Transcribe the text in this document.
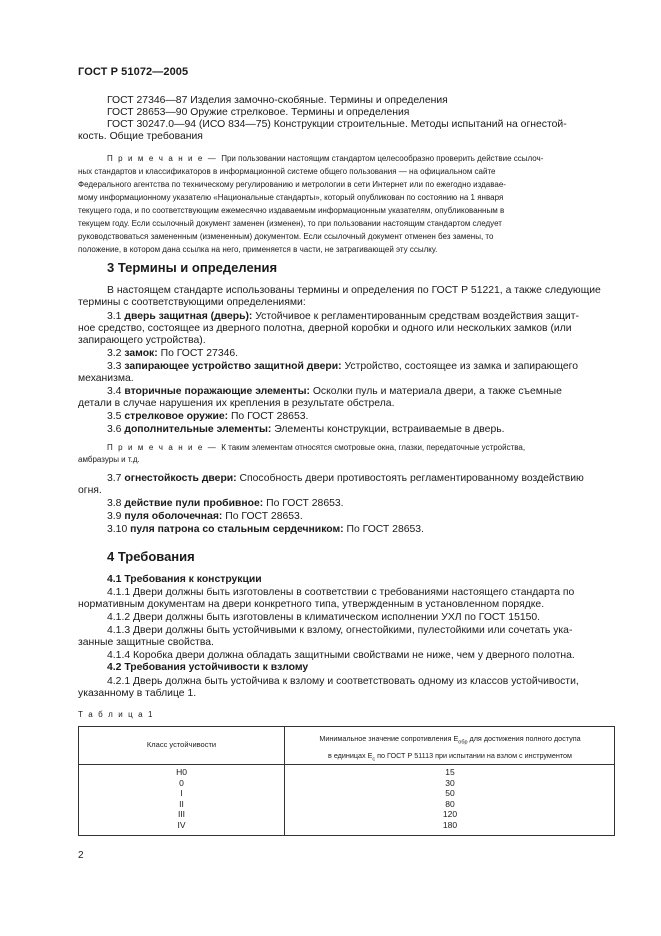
ГОСТ Р 51072—2005
ГОСТ 27346—87 Изделия замочно-скобяные. Термины и определения
ГОСТ 28653—90 Оружие стрелковое. Термины и определения
ГОСТ 30247.0—94 (ИСО 834—75) Конструкции строительные. Методы испытаний на огнестой-
кость. Общие требования
П р и м е ч а н и е — При пользовании настоящим стандартом целесообразно проверить действие ссылоч-
ных стандартов и классификаторов в информационной системе общего пользования — на официальном сайте
Федерального агентства по техническому регулированию и метрологии в сети Интернет или по ежегодно издавае-
мому информационному указателю «Национальные стандарты», который опубликован по состоянию на 1 января
текущего года, и по соответствующим ежемесячно издаваемым информационным указателям, опубликованным в
текущем году. Если ссылочный документ заменен (изменен), то при пользовании настоящим стандартом следует
руководствоваться замененным (измененным) документом. Если ссылочный документ отменен без замены, то
положение, в котором дана ссылка на него, применяется в части, не затрагивающей эту ссылку.
3 Термины и определения
В настоящем стандарте использованы термины и определения по ГОСТ Р 51221, а также следующие
термины с соответствующими определениями:
3.1 дверь защитная (дверь): Устойчивое к регламентированным средствам воздействия защит-
ное средство, состоящее из дверного полотна, дверной коробки и одного или нескольких замков (или
запирающего устройства).
3.2 замок: По ГОСТ 27346.
3.3 запирающее устройство защитной двери: Устройство, состоящее из замка и запирающего
механизма.
3.4 вторичные поражающие элементы: Осколки пуль и материала двери, а также съемные
детали в случае нарушения их крепления в результате обстрела.
3.5 стрелковое оружие: По ГОСТ 28653.
3.6 дополнительные элементы: Элементы конструкции, встраиваемые в дверь.
П р и м е ч а н и е — К таким элементам относятся смотровые окна, глазки, передаточные устройства,
амбразуры и т.д.
3.7 огнестойкость двери: Способность двери противостоять регламентированному воздействию
огня.
3.8 действие пули пробивное: По ГОСТ 28653.
3.9 пуля оболочечная: По ГОСТ 28653.
3.10 пуля патрона со стальным сердечником: По ГОСТ 28653.
4 Требования
4.1 Требования к конструкции
4.1.1 Двери должны быть изготовлены в соответствии с требованиями настоящего стандарта по
нормативным документам на двери конкретного типа, утвержденным в установленном порядке.
4.1.2 Двери должны быть изготовлены в климатическом исполнении УХЛ по ГОСТ 15150.
4.1.3 Двери должны быть устойчивыми к взлому, огнестойкими, пулестойкими или сочетать ука-
занные защитные свойства.
4.1.4 Коробка двери должна обладать защитными свойствами не ниже, чем у дверного полотна.
4.2 Требования устойчивости к взлому
4.2.1 Дверь должна быть устойчива к взлому и соответствовать одному из классов устойчивости,
указанному в таблице 1.
Т а б л и ц а 1
Класс устойчивости
Минимальное значение сопротивления $E_{обр}$ для достижения полного доступа
в единицах $E_с$ по ГОСТ Р 51113 при испытании на взлом с инструментом
Н0
0
I
II
III
IV
15
30
50
80
120
180
2
